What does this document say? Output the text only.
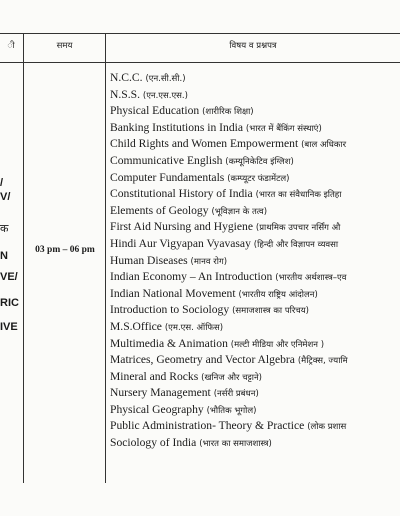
ी	समय	विषय व प्रश्नपत्र
/
V/
क
N
VE/
RIC
IVE
03 pm – 06 pm
N.C.C. (एन.सी.सी.)
N.S.S. (एन.एस.एस.)
Physical Education (शारीरिक शिक्षा)
Banking Institutions in India (भारत में बैंकिंग संस्थाएं)
Child Rights and Women Empowerment (बाल अधिकार
Communicative English (कम्यूनिकेटिव इंग्लिश)
Computer Fundamentals (कम्प्यूटर फंडामेंटल)
Constitutional History of India (भारत का संवैधानिक इतिहा
Elements of Geology (भूविज्ञान के तत्व)
First Aid Nursing and Hygiene (प्राथमिक उपचार नर्सिंग औ
Hindi Aur Vigyapan Vyavasay (हिन्दी और विज्ञापन व्यवसा
Human Diseases (मानव रोग)
Indian Economy – An Introduction (भारतीय अर्थशास्त्र–एव
Indian National Movement (भारतीय राष्ट्रिय आंदोलन)
Introduction to Sociology (समाजशास्त्र का परिचय)
M.S.Office (एम.एस. ऑफिस)
Multimedia & Animation (मल्टी मीडिया और एनिमेशन )
Matrices, Geometry and Vector Algebra (मैट्रिक्स, ज्यामि
Mineral and Rocks (खनिज और चट्टाने)
Nursery Management (नर्सरी प्रबंधन)
Physical Geography (भौतिक भूगोल)
Public Administration- Theory & Practice (लोक प्रशास
Sociology of India (भारत का समाजशास्त्र)
